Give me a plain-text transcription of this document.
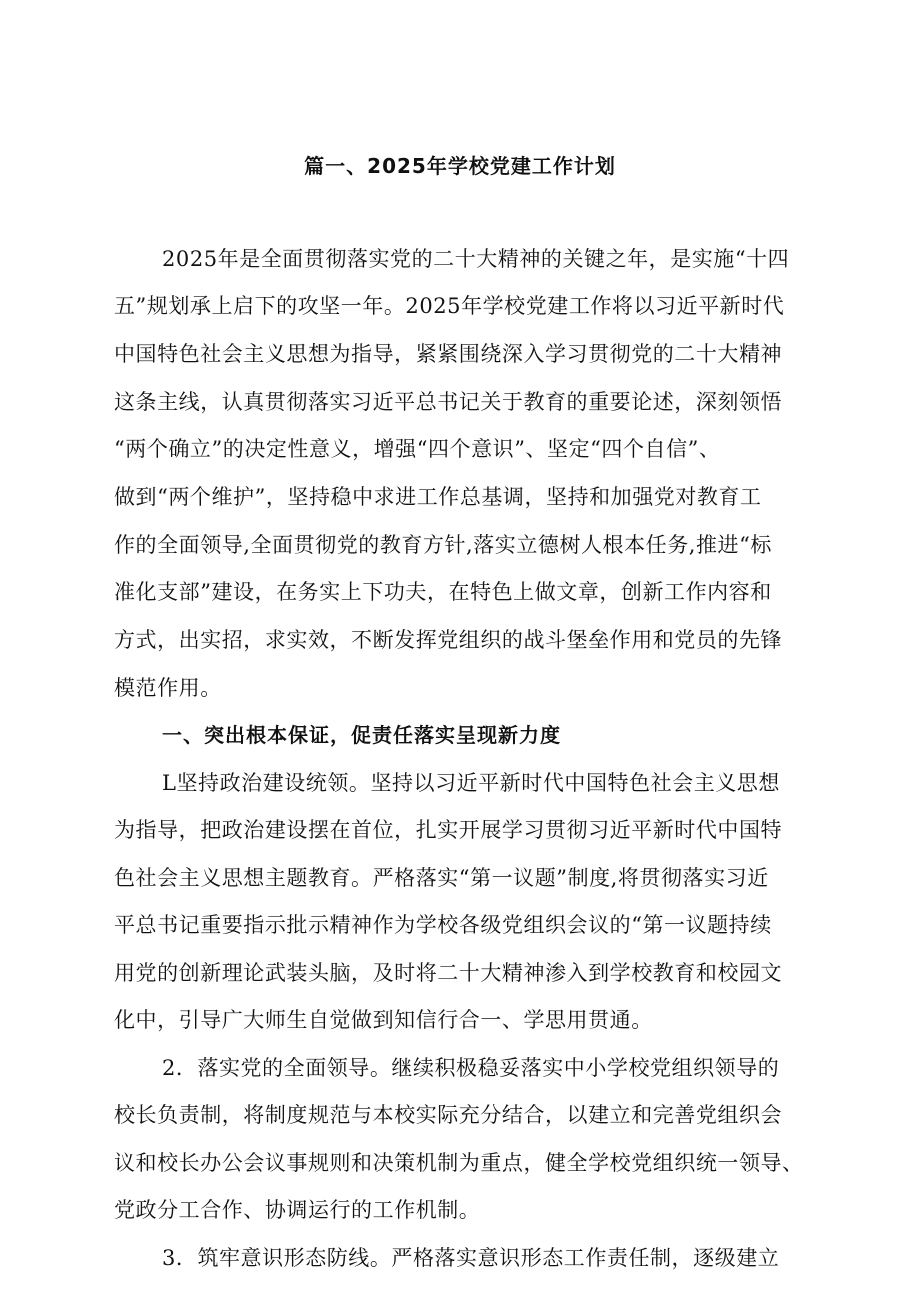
篇一、2025年学校党建工作计划
2025年是全面贯彻落实党的二十大精神的关键之年，是实施“十四
五”规划承上启下的攻坚一年。2025年学校党建工作将以习近平新时代
中国特色社会主义思想为指导，紧紧围绕深入学习贯彻党的二十大精神
这条主线，认真贯彻落实习近平总书记关于教育的重要论述，深刻领悟
“两个确立”的决定性意义，增强“四个意识”、坚定“四个自信”、
做到“两个维护”，坚持稳中求进工作总基调，坚持和加强党对教育工
作的全面领导,全面贯彻党的教育方针,落实立德树人根本任务,推进“标
准化支部”建设，在务实上下功夫，在特色上做文章，创新工作内容和
方式，出实招，求实效，不断发挥党组织的战斗堡垒作用和党员的先锋
模范作用。
一、突出根本保证，促责任落实呈现新力度
L坚持政治建设统领。坚持以习近平新时代中国特色社会主义思想
为指导，把政治建设摆在首位，扎实开展学习贯彻习近平新时代中国特
色社会主义思想主题教育。严格落实“第一议题”制度,将贯彻落实习近
平总书记重要指示批示精神作为学校各级党组织会议的“第一议题持续
用党的创新理论武装头脑，及时将二十大精神渗入到学校教育和校园文
化中，引导广大师生自觉做到知信行合一、学思用贯通。
2．落实党的全面领导。继续积极稳妥落实中小学校党组织领导的
校长负责制，将制度规范与本校实际充分结合，以建立和完善党组织会
议和校长办公会议事规则和决策机制为重点，健全学校党组织统一领导、
党政分工合作、协调运行的工作机制。
3．筑牢意识形态防线。严格落实意识形态工作责任制，逐级建立
